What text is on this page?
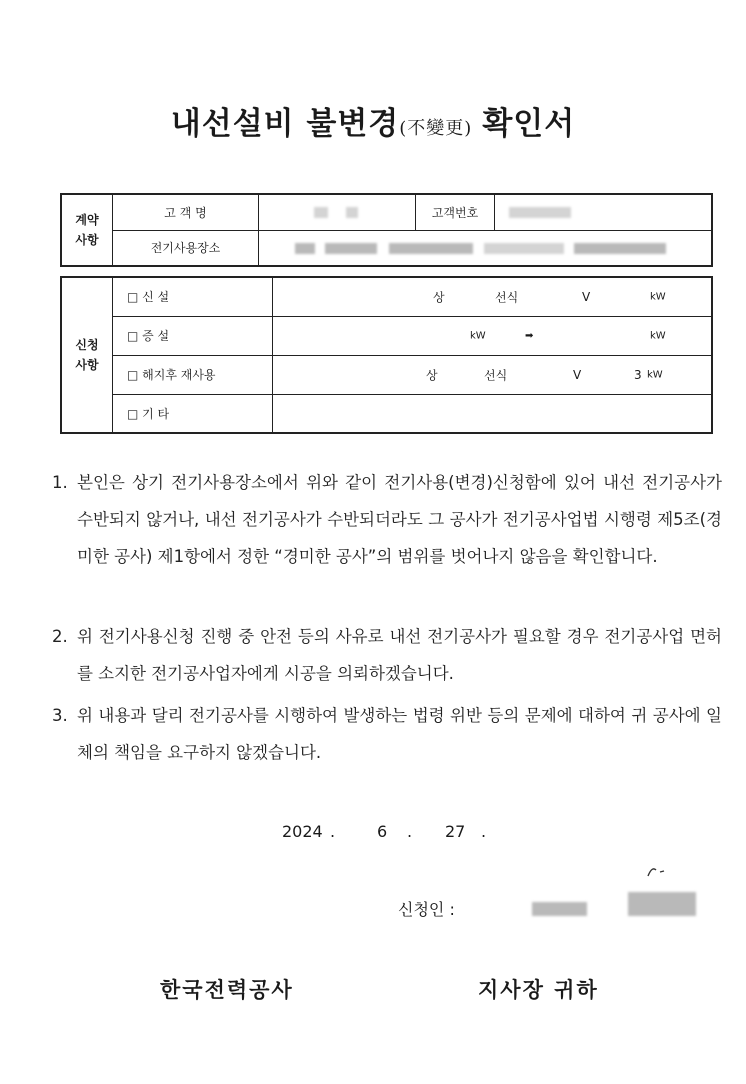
내선설비 불변경(不變更) 확인서
계약
사항	고 객 명		고객번호	

	전기사용장소			

신청
사항	□ 신 설	상 선식 V kW

	□ 증 설	kW ➡ kW

	□ 해지후 재사용	상 선식 V 3 kW

	□ 기 타	
1. 본인은 상기 전기사용장소에서 위와 같이 전기사용(변경)신청함에 있어 내선 전기공사가 수반되지 않거나, 내선 전기공사가 수반되더라도 그 공사가 전기공사업법 시행령 제5조(경미한 공사) 제1항에서 정한 “경미한 공사”의 범위를 벗어나지 않음을 확인합니다.
2. 위 전기사용신청 진행 중 안전 등의 사유로 내선 전기공사가 필요할 경우 전기공사업 면허를 소지한 전기공사업자에게 시공을 의뢰하겠습니다.
3. 위 내용과 달리 전기공사를 시행하여 발생하는 법령 위반 등의 문제에 대하여 귀 공사에 일체의 책임을 요구하지 않겠습니다.
2024 .	6 . 27 .
신청인 :
한국전력공사	지사장 귀하
